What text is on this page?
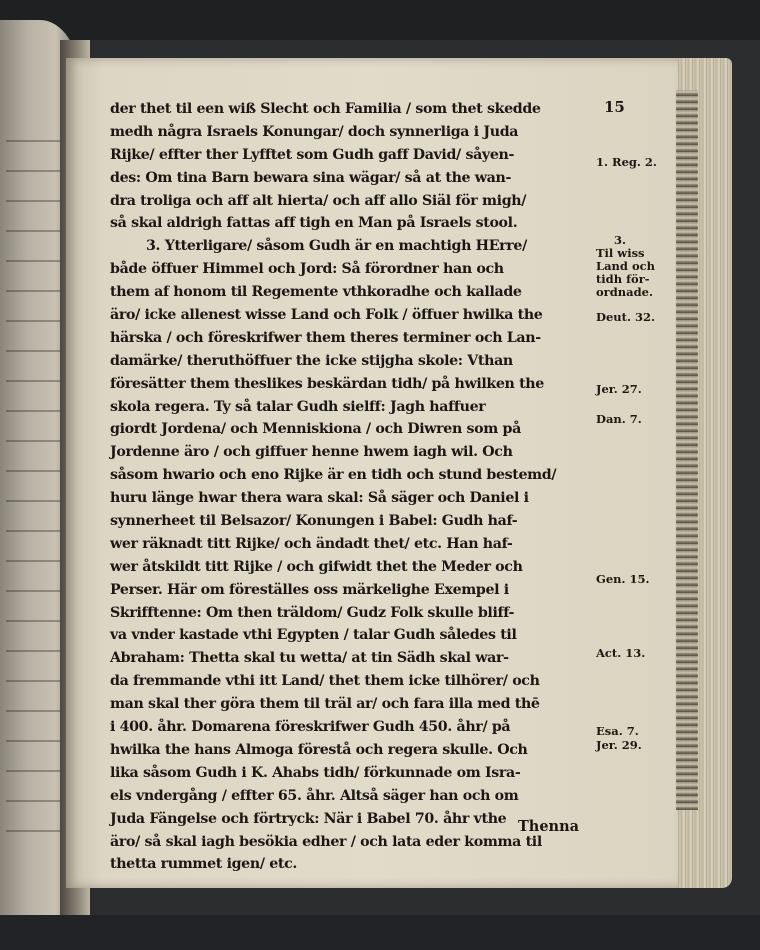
15
der thet til een wiß Slecht och Familia / som thet skedde
medh några Israels Konungar/ doch synnerliga i Juda
Rijke/ effter ther Lyfftet som Gudh gaff David/ såyen-
des: Om tina Barn bewara sina wägar/ så at the wan-
dra troliga och aff alt hierta/ och aff allo Siäl för migh/
så skal aldrigh fattas aff tigh en Man på Israels stool.
3. Ytterligare/ såsom Gudh är en machtigh HErre/
både öffuer Himmel och Jord: Så förordner han och
them af honom til Regemente vthkoradhe och kallade
äro/ icke allenest wisse Land och Folk / öffuer hwilka the
härska / och föreskrifwer them theres terminer och Lan-
damärke/ theruthöffuer the icke stijgha skole: Vthan
föresätter them theslikes beskärdan tidh/ på hwilken the
skola regera. Ty så talar Gudh sielff: Jagh haffuer
giordt Jordena/ och Menniskiona / och Diwren som på
Jordenne äro / och giffuer henne hwem iagh wil. Och
såsom hwario och eno Rijke är en tidh och stund bestemd/
huru länge hwar thera wara skal: Så säger och Daniel i
synnerheet til Belsazor/ Konungen i Babel: Gudh haf-
wer räknadt titt Rijke/ och ändadt thet/ etc. Han haf-
wer åtskildt titt Rijke / och gifwidt thet the Meder och
Perser. Här om föreställes oss märkelighe Exempel i
Skrifftenne: Om then träldom/ Gudz Folk skulle bliff-
va vnder kastade vthi Egypten / talar Gudh således til
Abraham: Thetta skal tu wetta/ at tin Sädh skal war-
da fremmande vthi itt Land/ thet them icke tilhörer/ och
man skal ther göra them til träl ar/ och fara illa med thē
i 400. åhr. Domarena föreskrifwer Gudh 450. åhr/ på
hwilka the hans Almoga förestå och regera skulle. Och
lika såsom Gudh i K. Ahabs tidh/ förkunnade om Isra-
els vndergång / effter 65. åhr. Altså säger han och om
Juda Fängelse och förtryck: När i Babel 70. åhr vthe
äro/ så skal iagh besökia edher / och lata eder komma til
thetta rummet igen/ etc.
1. Reg. 2.
3.
Til wiss
Land och
tidh för-
ordnade.
Deut. 32.
Jer. 27.
Dan. 7.
Gen. 15.
Act. 13.
Esa. 7.
Jer. 29.
Thenna
